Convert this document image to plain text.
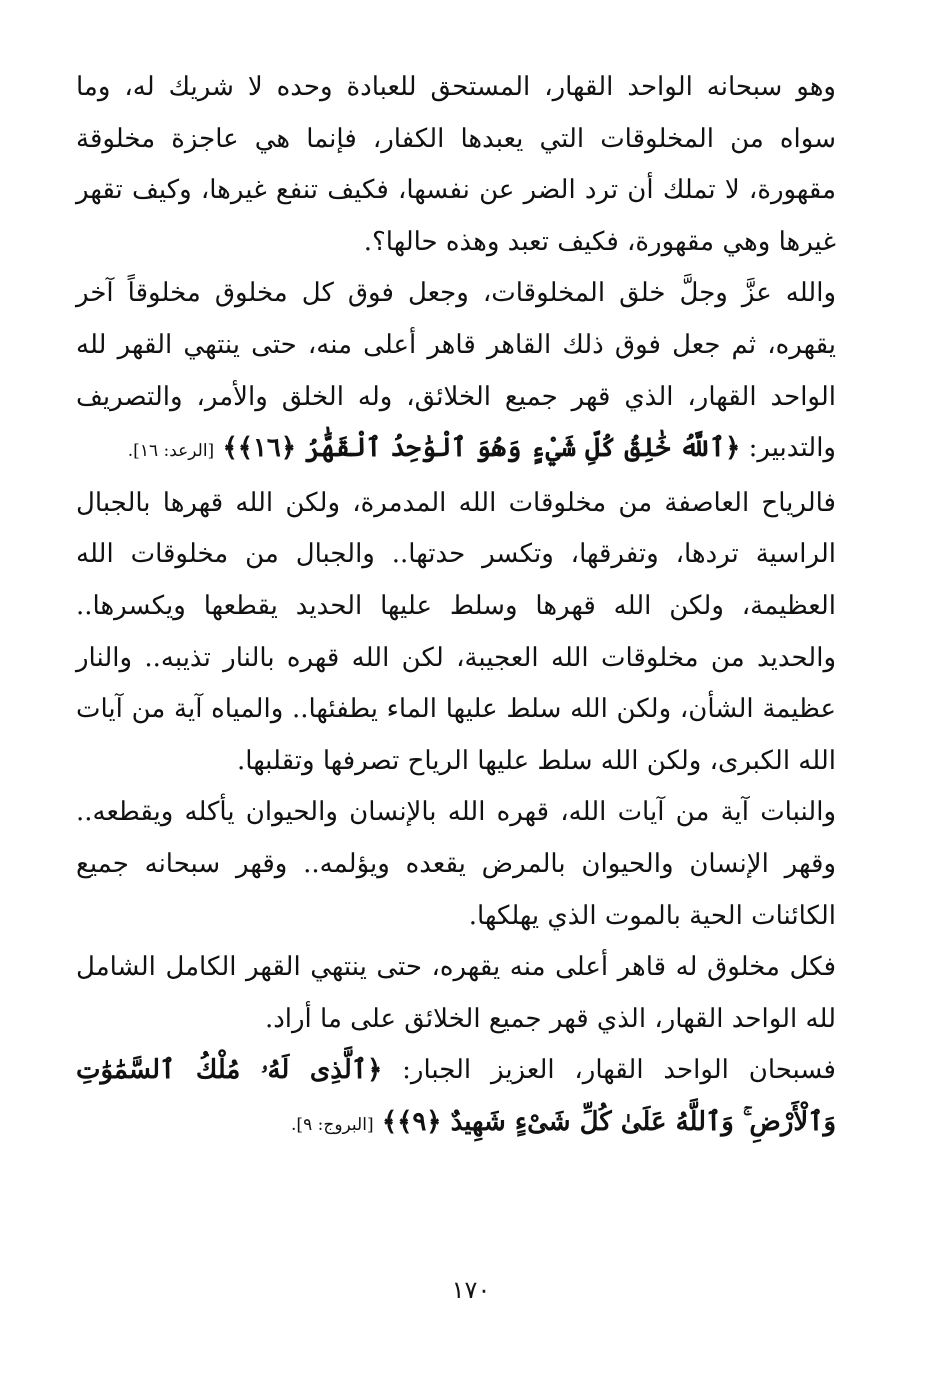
وهو سبحانه الواحد القهار، المستحق للعبادة وحده لا شريك له، وما سواه من المخلوقات التي يعبدها الكفار، فإنما هي عاجزة مخلوقة مقهورة، لا تملك أن ترد الضر عن نفسها، فكيف تنفع غيرها، وكيف تقهر غيرها وهي مقهورة، فكيف تعبد وهذه حالها؟.

والله عزَّ وجلَّ خلق المخلوقات، وجعل فوق كل مخلوق مخلوقاً آخر يقهره، ثم جعل فوق ذلك القاهر قاهر أعلى منه، حتى ينتهي القهر لله الواحد القهار، الذي قهر جميع الخلائق، وله الخلق والأمر، والتصريف والتدبير: ﴿ٱللَّهُ خَٰلِقُ كُلِّ شَيْءٍ وَهُوَ ٱلْوَٰحِدُ ٱلْقَهَّٰرُ ﴿١٦﴾﴾ [الرعد: ١٦].

فالرياح العاصفة من مخلوقات الله المدمرة، ولكن الله قهرها بالجبال الراسية تردها، وتفرقها، وتكسر حدتها.. والجبال من مخلوقات الله العظيمة، ولكن الله قهرها وسلط عليها الحديد يقطعها ويكسرها.. والحديد من مخلوقات الله العجيبة، لكن الله قهره بالنار تذيبه.. والنار عظيمة الشأن، ولكن الله سلط عليها الماء يطفئها.. والمياه آية من آيات الله الكبرى، ولكن الله سلط عليها الرياح تصرفها وتقلبها.

والنبات آية من آيات الله، قهره الله بالإنسان والحيوان يأكله ويقطعه.. وقهر الإنسان والحيوان بالمرض يقعده ويؤلمه.. وقهر سبحانه جميع الكائنات الحية بالموت الذي يهلكها.

فكل مخلوق له قاهر أعلى منه يقهره، حتى ينتهي القهر الكامل الشامل لله الواحد القهار، الذي قهر جميع الخلائق على ما أراد.

فسبحان الواحد القهار، العزيز الجبار: ﴿ٱلَّذِى لَهُۥ مُلْكُ ٱلسَّمَٰوَٰتِ وَٱلْأَرْضِ ۚ وَٱللَّهُ عَلَىٰ كُلِّ شَىْءٍ شَهِيدٌ ﴿٩﴾﴾ [البروج: ٩].

١٧٠
